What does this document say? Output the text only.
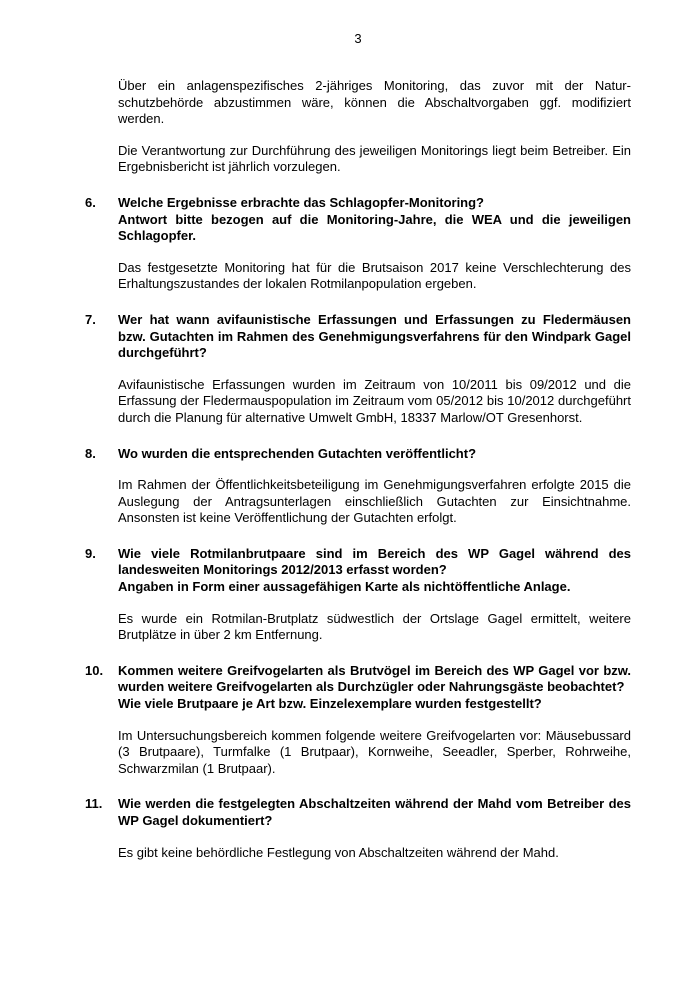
3

Über ein anlagenspezifisches 2-jähriges Monitoring, das zuvor mit der Naturschutzbehörde abzustimmen wäre, können die Abschaltvorgaben ggf. modifiziert werden.

Die Verantwortung zur Durchführung des jeweiligen Monitorings liegt beim Betreiber. Ein Ergebnisbericht ist jährlich vorzulegen.

6. Welche Ergebnisse erbrachte das Schlagopfer-Monitoring?

Antwort bitte bezogen auf die Monitoring-Jahre, die WEA und die jeweiligen Schlagopfer.

Das festgesetzte Monitoring hat für die Brutsaison 2017 keine Verschlechterung des Erhaltungszustandes der lokalen Rotmilanpopulation ergeben.

7. Wer hat wann avifaunistische Erfassungen und Erfassungen zu Fledermäusen bzw. Gutachten im Rahmen des Genehmigungsverfahrens für den Windpark Gagel durchgeführt?

Avifaunistische Erfassungen wurden im Zeitraum von 10/2011 bis 09/2012 und die Erfassung der Fledermauspopulation im Zeitraum vom 05/2012 bis 10/2012 durchgeführt durch die Planung für alternative Umwelt GmbH, 18337 Marlow/OT Gresenhorst.

8. Wo wurden die entsprechenden Gutachten veröffentlicht?

Im Rahmen der Öffentlichkeitsbeteiligung im Genehmigungsverfahren erfolgte 2015 die Auslegung der Antragsunterlagen einschließlich Gutachten zur Einsichtnahme. Ansonsten ist keine Veröffentlichung der Gutachten erfolgt.

9. Wie viele Rotmilanbrutpaare sind im Bereich des WP Gagel während des landesweiten Monitorings 2012/2013 erfasst worden?

Angaben in Form einer aussagefähigen Karte als nichtöffentliche Anlage.

Es wurde ein Rotmilan-Brutplatz südwestlich der Ortslage Gagel ermittelt, weitere Brutplätze in über 2 km Entfernung.

10. Kommen weitere Greifvogelarten als Brutvögel im Bereich des WP Gagel vor bzw. wurden weitere Greifvogelarten als Durchzügler oder Nahrungsgäste beobachtet?

Wie viele Brutpaare je Art bzw. Einzelexemplare wurden festgestellt?

Im Untersuchungsbereich kommen folgende weitere Greifvogelarten vor: Mäusebussard (3 Brutpaare), Turmfalke (1 Brutpaar), Kornweihe, Seeadler, Sperber, Rohrweihe, Schwarzmilan (1 Brutpaar).

11. Wie werden die festgelegten Abschaltzeiten während der Mahd vom Betreiber des WP Gagel dokumentiert?

Es gibt keine behördliche Festlegung von Abschaltzeiten während der Mahd.
